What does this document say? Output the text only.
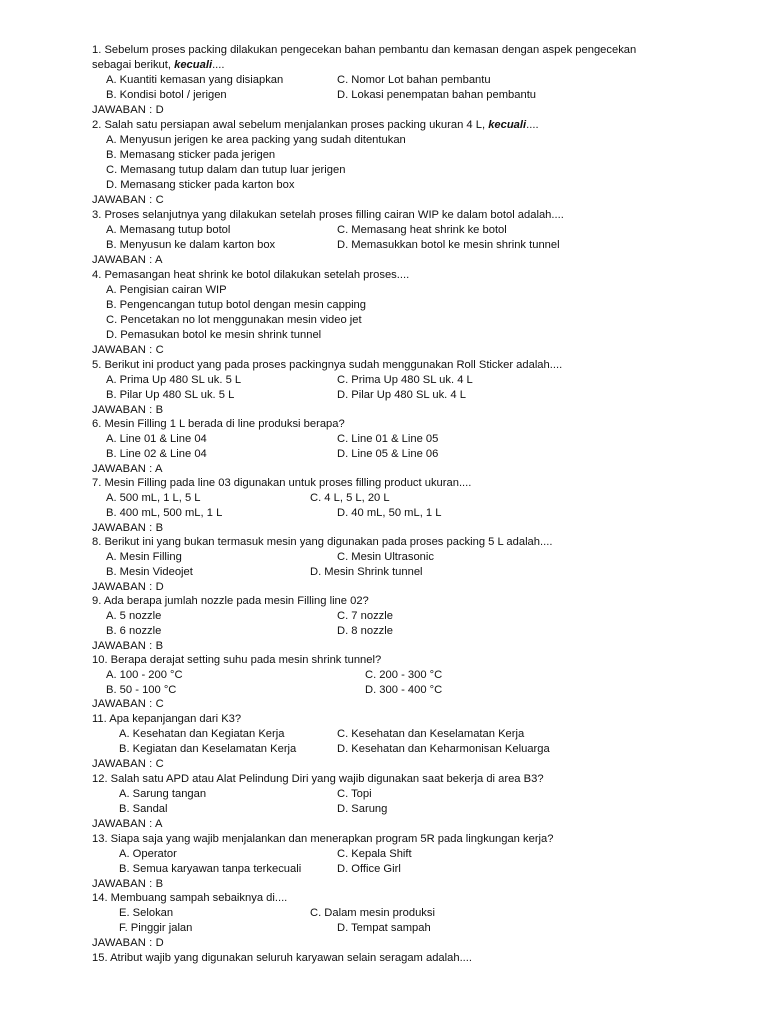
1. Sebelum proses packing dilakukan pengecekan bahan pembantu dan kemasan dengan aspek pengecekan
sebagai berikut, kecuali....
A. Kuantiti kemasan yang disiapkan	C. Nomor Lot bahan pembantu
B. Kondisi botol / jerigen	D. Lokasi penempatan bahan pembantu
JAWABAN : D
2. Salah satu persiapan awal sebelum menjalankan proses packing ukuran 4 L, kecuali....
A. Menyusun jerigen ke area packing yang sudah ditentukan
B. Memasang sticker pada jerigen
C. Memasang tutup dalam dan tutup luar jerigen
D. Memasang sticker pada karton box
JAWABAN : C
3. Proses selanjutnya yang dilakukan setelah proses filling cairan WIP ke dalam botol adalah....
A. Memasang tutup botol	C. Memasang heat shrink ke botol
B. Menyusun ke dalam karton box	D. Memasukkan botol ke mesin shrink tunnel
JAWABAN : A
4. Pemasangan heat shrink ke botol dilakukan setelah proses....
A. Pengisian cairan WIP
B. Pengencangan tutup botol dengan mesin capping
C. Pencetakan no lot menggunakan mesin video jet
D. Pemasukan botol ke mesin shrink tunnel
JAWABAN : C
5. Berikut ini product yang pada proses packingnya sudah menggunakan Roll Sticker adalah....
A. Prima Up 480 SL uk. 5 L	C. Prima Up 480 SL uk. 4 L
B. Pilar Up 480 SL uk. 5 L	D. Pilar Up 480 SL uk. 4 L
JAWABAN : B
6. Mesin Filling 1 L berada di line produksi berapa?
A. Line 01 & Line 04	C. Line 01 & Line 05
B. Line 02 & Line 04	D. Line 05 & Line 06
JAWABAN : A
7. Mesin Filling pada line 03 digunakan untuk proses filling product ukuran....
A. 500 mL, 1 L, 5 L	C. 4 L, 5 L, 20 L
B. 400 mL, 500 mL, 1 L	D. 40 mL, 50 mL, 1 L
JAWABAN : B
8. Berikut ini yang bukan termasuk mesin yang digunakan pada proses packing 5 L adalah....
A. Mesin Filling	C. Mesin Ultrasonic
B. Mesin Videojet	D. Mesin Shrink tunnel
JAWABAN : D
9. Ada berapa jumlah nozzle pada mesin Filling line 02?
A. 5 nozzle	C. 7 nozzle
B. 6 nozzle	D. 8 nozzle
JAWABAN : B
10. Berapa derajat setting suhu pada mesin shrink tunnel?
A. 100 - 200 °C	C. 200 - 300 °C
B. 50 - 100 °C	D. 300 - 400 °C
JAWABAN : C
11. Apa kepanjangan dari K3?
A. Kesehatan dan Kegiatan Kerja	C. Kesehatan dan Keselamatan Kerja
B. Kegiatan dan Keselamatan Kerja	D. Kesehatan dan Keharmonisan Keluarga
JAWABAN : C
12. Salah satu APD atau Alat Pelindung Diri yang wajib digunakan saat bekerja di area B3?
A. Sarung tangan	C. Topi
B. Sandal	D. Sarung
JAWABAN : A
13. Siapa saja yang wajib menjalankan dan menerapkan program 5R pada lingkungan kerja?
A. Operator	C. Kepala Shift
B. Semua karyawan tanpa terkecuali	D. Office Girl
JAWABAN : B
14. Membuang sampah sebaiknya di....
E. Selokan	C. Dalam mesin produksi
F. Pinggir jalan	D. Tempat sampah
JAWABAN : D
15. Atribut wajib yang digunakan seluruh karyawan selain seragam adalah....
